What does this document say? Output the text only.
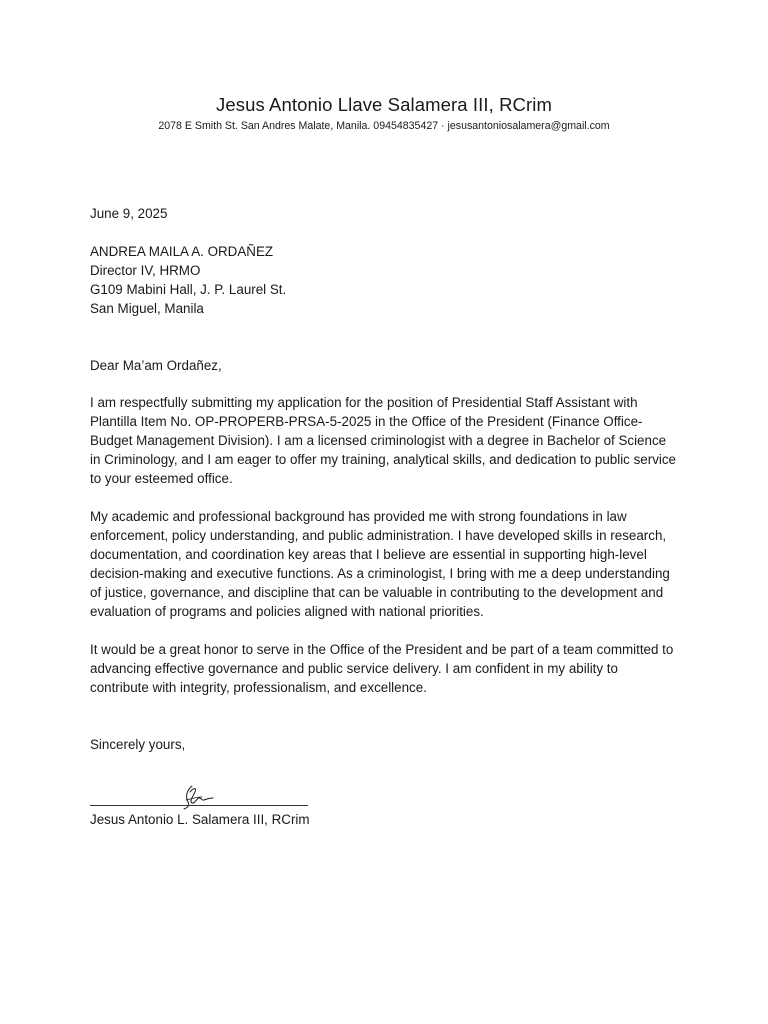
Jesus Antonio Llave Salamera III, RCrim
2078 E Smith St. San Andres Malate, Manila. 09454835427 · jesusantoniosalamera@gmail.com
June 9, 2025
ANDREA MAILA A. ORDAÑEZ
Director IV, HRMO
G109 Mabini Hall, J. P. Laurel St.
San Miguel, Manila
Dear Ma’am Ordañez,

I am respectfully submitting my application for the position of Presidential Staff Assistant with Plantilla Item No. OP-PROPERB-PRSA-5-2025 in the Office of the President (Finance Office-Budget Management Division). I am a licensed criminologist with a degree in Bachelor of Science in Criminology, and I am eager to offer my training, analytical skills, and dedication to public service to your esteemed office.

My academic and professional background has provided me with strong foundations in law enforcement, policy understanding, and public administration. I have developed skills in research, documentation, and coordination key areas that I believe are essential in supporting high-level decision-making and executive functions. As a criminologist, I bring with me a deep understanding of justice, governance, and discipline that can be valuable in contributing to the development and evaluation of programs and policies aligned with national priorities.

It would be a great honor to serve in the Office of the President and be part of a team committed to advancing effective governance and public service delivery. I am confident in my ability to contribute with integrity, professionalism, and excellence.

Sincerely yours,
Jesus Antonio L. Salamera III, RCrim
